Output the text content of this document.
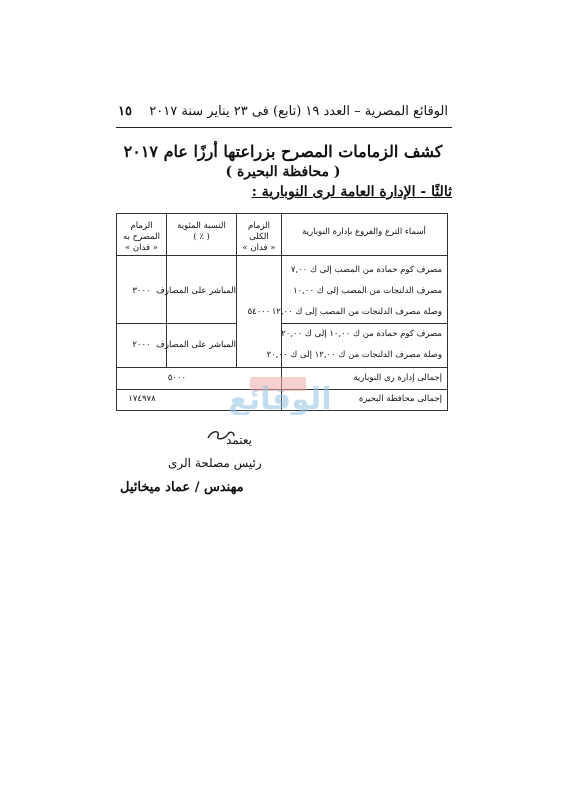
الوقائع المصرية – العدد ١٩ (تابع) فى ٢٣ يناير سنة ٢٠١٧
١٥
كشف الزمامات المصرح بزراعتها أرزًا عام ٢٠١٧
( محافظة البحيرة )
ثالثًا - الإدارة العامة لرى النوبارية :
أسماء الترع والفروع بإدارة النوبارية
الزمام الكلى
« فدان »
النسبة المئوية
( ٪ )
الزمام المصرح به
« فدان »
مصرف كوم حمادة من المصب إلى ك ٧,٠٠
مصرف الدلنجات من المصب إلى ك ١٠,٠٠
وصلة مصرف الدلنجات من المصب إلى ك ١٢,٠٠
مصرف كوم حمادة من ك ١٠,٠٠ إلى ك ٢٠,٠٠
وصلة مصرف الدلنجات من ك ١٢,٠٠ إلى ك ٢٠,٠٠
٥٤٠٠٠
المباشر على المصارف
٣٠٠٠
المباشر على المصارف
٢٠٠٠
إجمالى إدارة رى النوبارية
٥٠٠٠
إجمالى محافظة البحيرة
١٧٤٩٧٨	الوقائع
يعتمد
رئيس مصلحة الرى
مهندس / عماد ميخائيل
